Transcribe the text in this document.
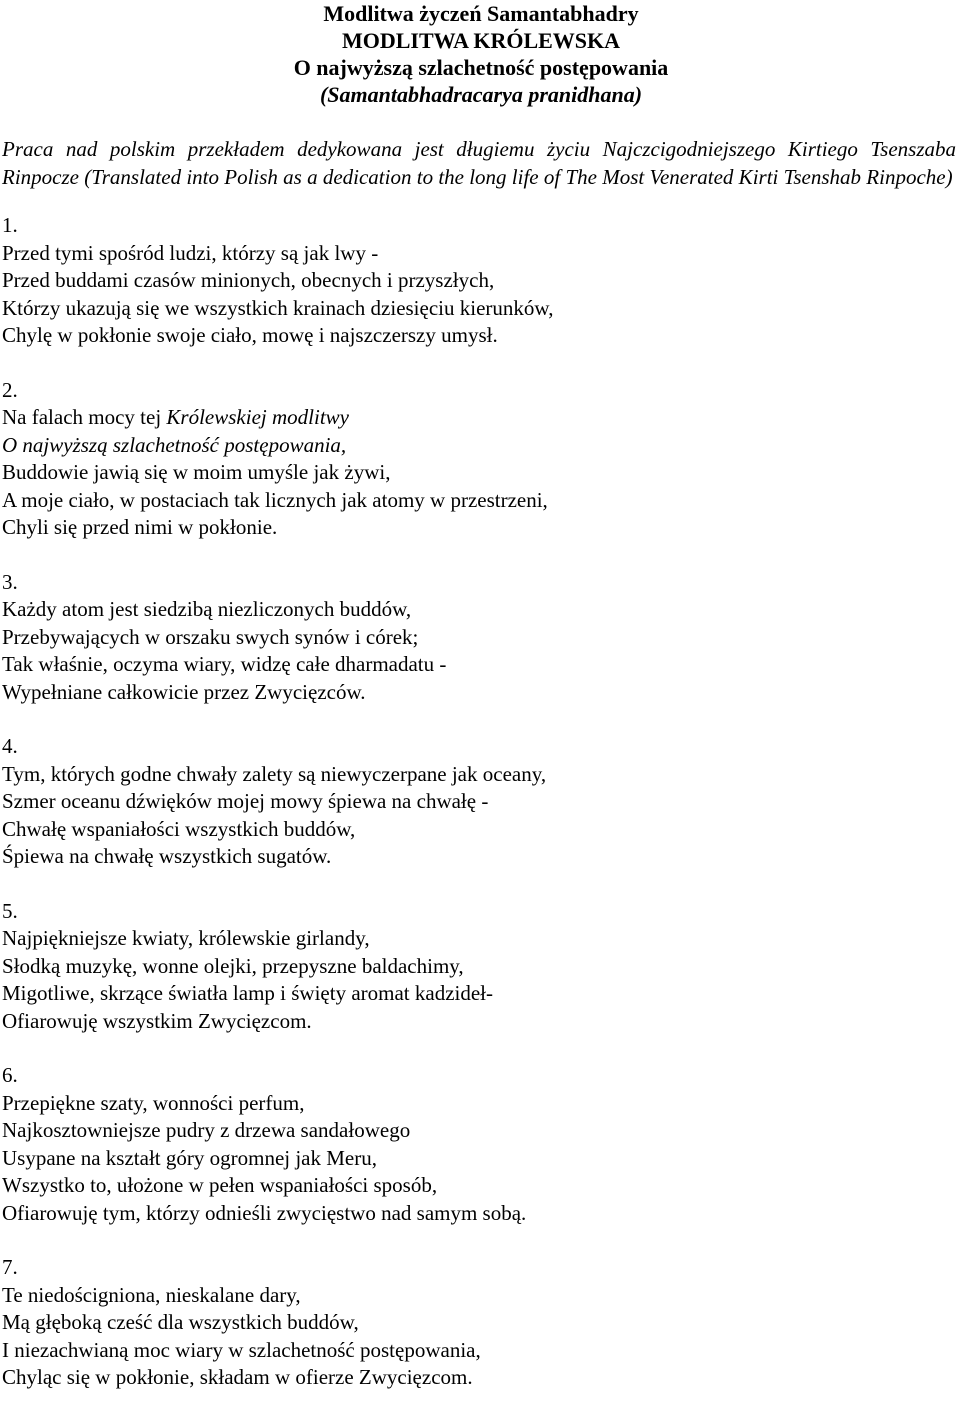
Modlitwa życzeń Samantabhadry
MODLITWA KRÓLEWSKA
O najwyższą szlachetność postępowania
(Samantabhadracarya pranidhana)
Praca nad polskim przekładem dedykowana jest długiemu życiu Najczcigodniejszego Kirtiego Tsenszaba Rinpocze (Translated into Polish as a dedication to the long life of The Most Venerated Kirti Tsenshab Rinpoche)
1.
Przed tymi spośród ludzi, którzy są jak lwy -
Przed buddami czasów minionych, obecnych i przyszłych,
Którzy ukazują się we wszystkich krainach dziesięciu kierunków,
Chylę w pokłonie swoje ciało, mowę i najszczerszy umysł.
2.
Na falach mocy tej Królewskiej modlitwy
O najwyższą szlachetność postępowania,
Buddowie jawią się w moim umyśle jak żywi,
A moje ciało, w postaciach tak licznych jak atomy w przestrzeni,
Chyli się przed nimi w pokłonie.
3.
Każdy atom jest siedzibą niezliczonych buddów,
Przebywających w orszaku swych synów i córek;
Tak właśnie, oczyma wiary, widzę całe dharmadatu -
Wypełniane całkowicie przez Zwycięzców.
4.
Tym, których godne chwały zalety są niewyczerpane jak oceany,
Szmer oceanu dźwięków mojej mowy śpiewa na chwałę -
Chwałę wspaniałości wszystkich buddów,
Śpiewa na chwałę wszystkich sugatów.
5.
Najpiękniejsze kwiaty, królewskie girlandy,
Słodką muzykę, wonne olejki, przepyszne baldachimy,
Migotliwe, skrzące światła lamp i święty aromat kadzideł-
Ofiarowuję wszystkim Zwycięzcom.
6.
Przepiękne szaty, wonności perfum,
Najkosztowniejsze pudry z drzewa sandałowego
Usypane na kształt góry ogromnej jak Meru,
Wszystko to, ułożone w pełen wspaniałości sposób,
Ofiarowuję tym, którzy odnieśli zwycięstwo nad samym sobą.
7.
Te niedościgniona, nieskalane dary,
Mą głęboką cześć dla wszystkich buddów,
I niezachwianą moc wiary w szlachetność postępowania,
Chyląc się w pokłonie, składam w ofierze Zwycięzcom.
